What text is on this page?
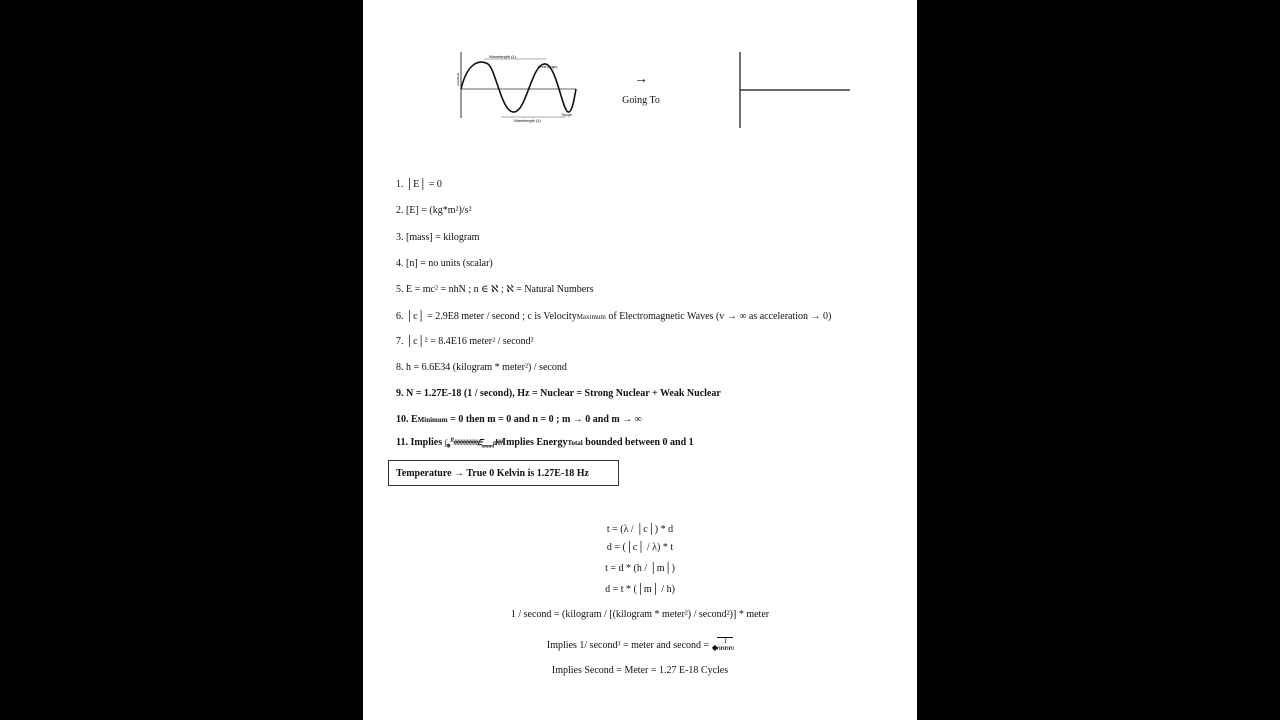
Wavelength (λ)
Crest (ridge)
Amplitude
Wavelength (λ)
Trough
→
Going To
1. │E│ = 0
2. [E] = (kg*m²)/s²
3. [mass] = kilogram
4. [n] = no units (scalar)
5. E = mc² = nhN ; n ∈ ℵ ; ℵ = Natural Numbers
6. │c│ = 2.9E8 meter / second ; c is VelocityMaximum of Electromagnetic Waves (v → ∞ as acceleration → 0)
7. │c│² = 8.4E16 meter² / second²
8. h = 6.6E34 (kilogram * meter²) / second
9. N = 1.27E-18 (1 / second), Hz = Nuclear = Strong Nuclear + Weak Nuclear
10. EMinimum = 0 then m = 0 and n = 0 ; m → 0 and m → ∞
11. Implies $\int_\oplus^{11}\#\#\#\#\#\#\#\#𝐸_{mmmm}d\#\#Implies$ EnergyTotal bounded between 0 and 1
Temperature → True 0 Kelvin is 1.27E-18 Hz
t = (λ / │c│) * d
d = (│c│ / λ) * t
t = d * (h / │m│)
d = t * (│m│ / h)
1 / second = (kilogram / [(kilogram * meter²) / second²)] * meter
Implies 1/ second³ = meter and second = ◆1
mmmm
Implies Second = Meter = 1.27 E-18 Cycles
